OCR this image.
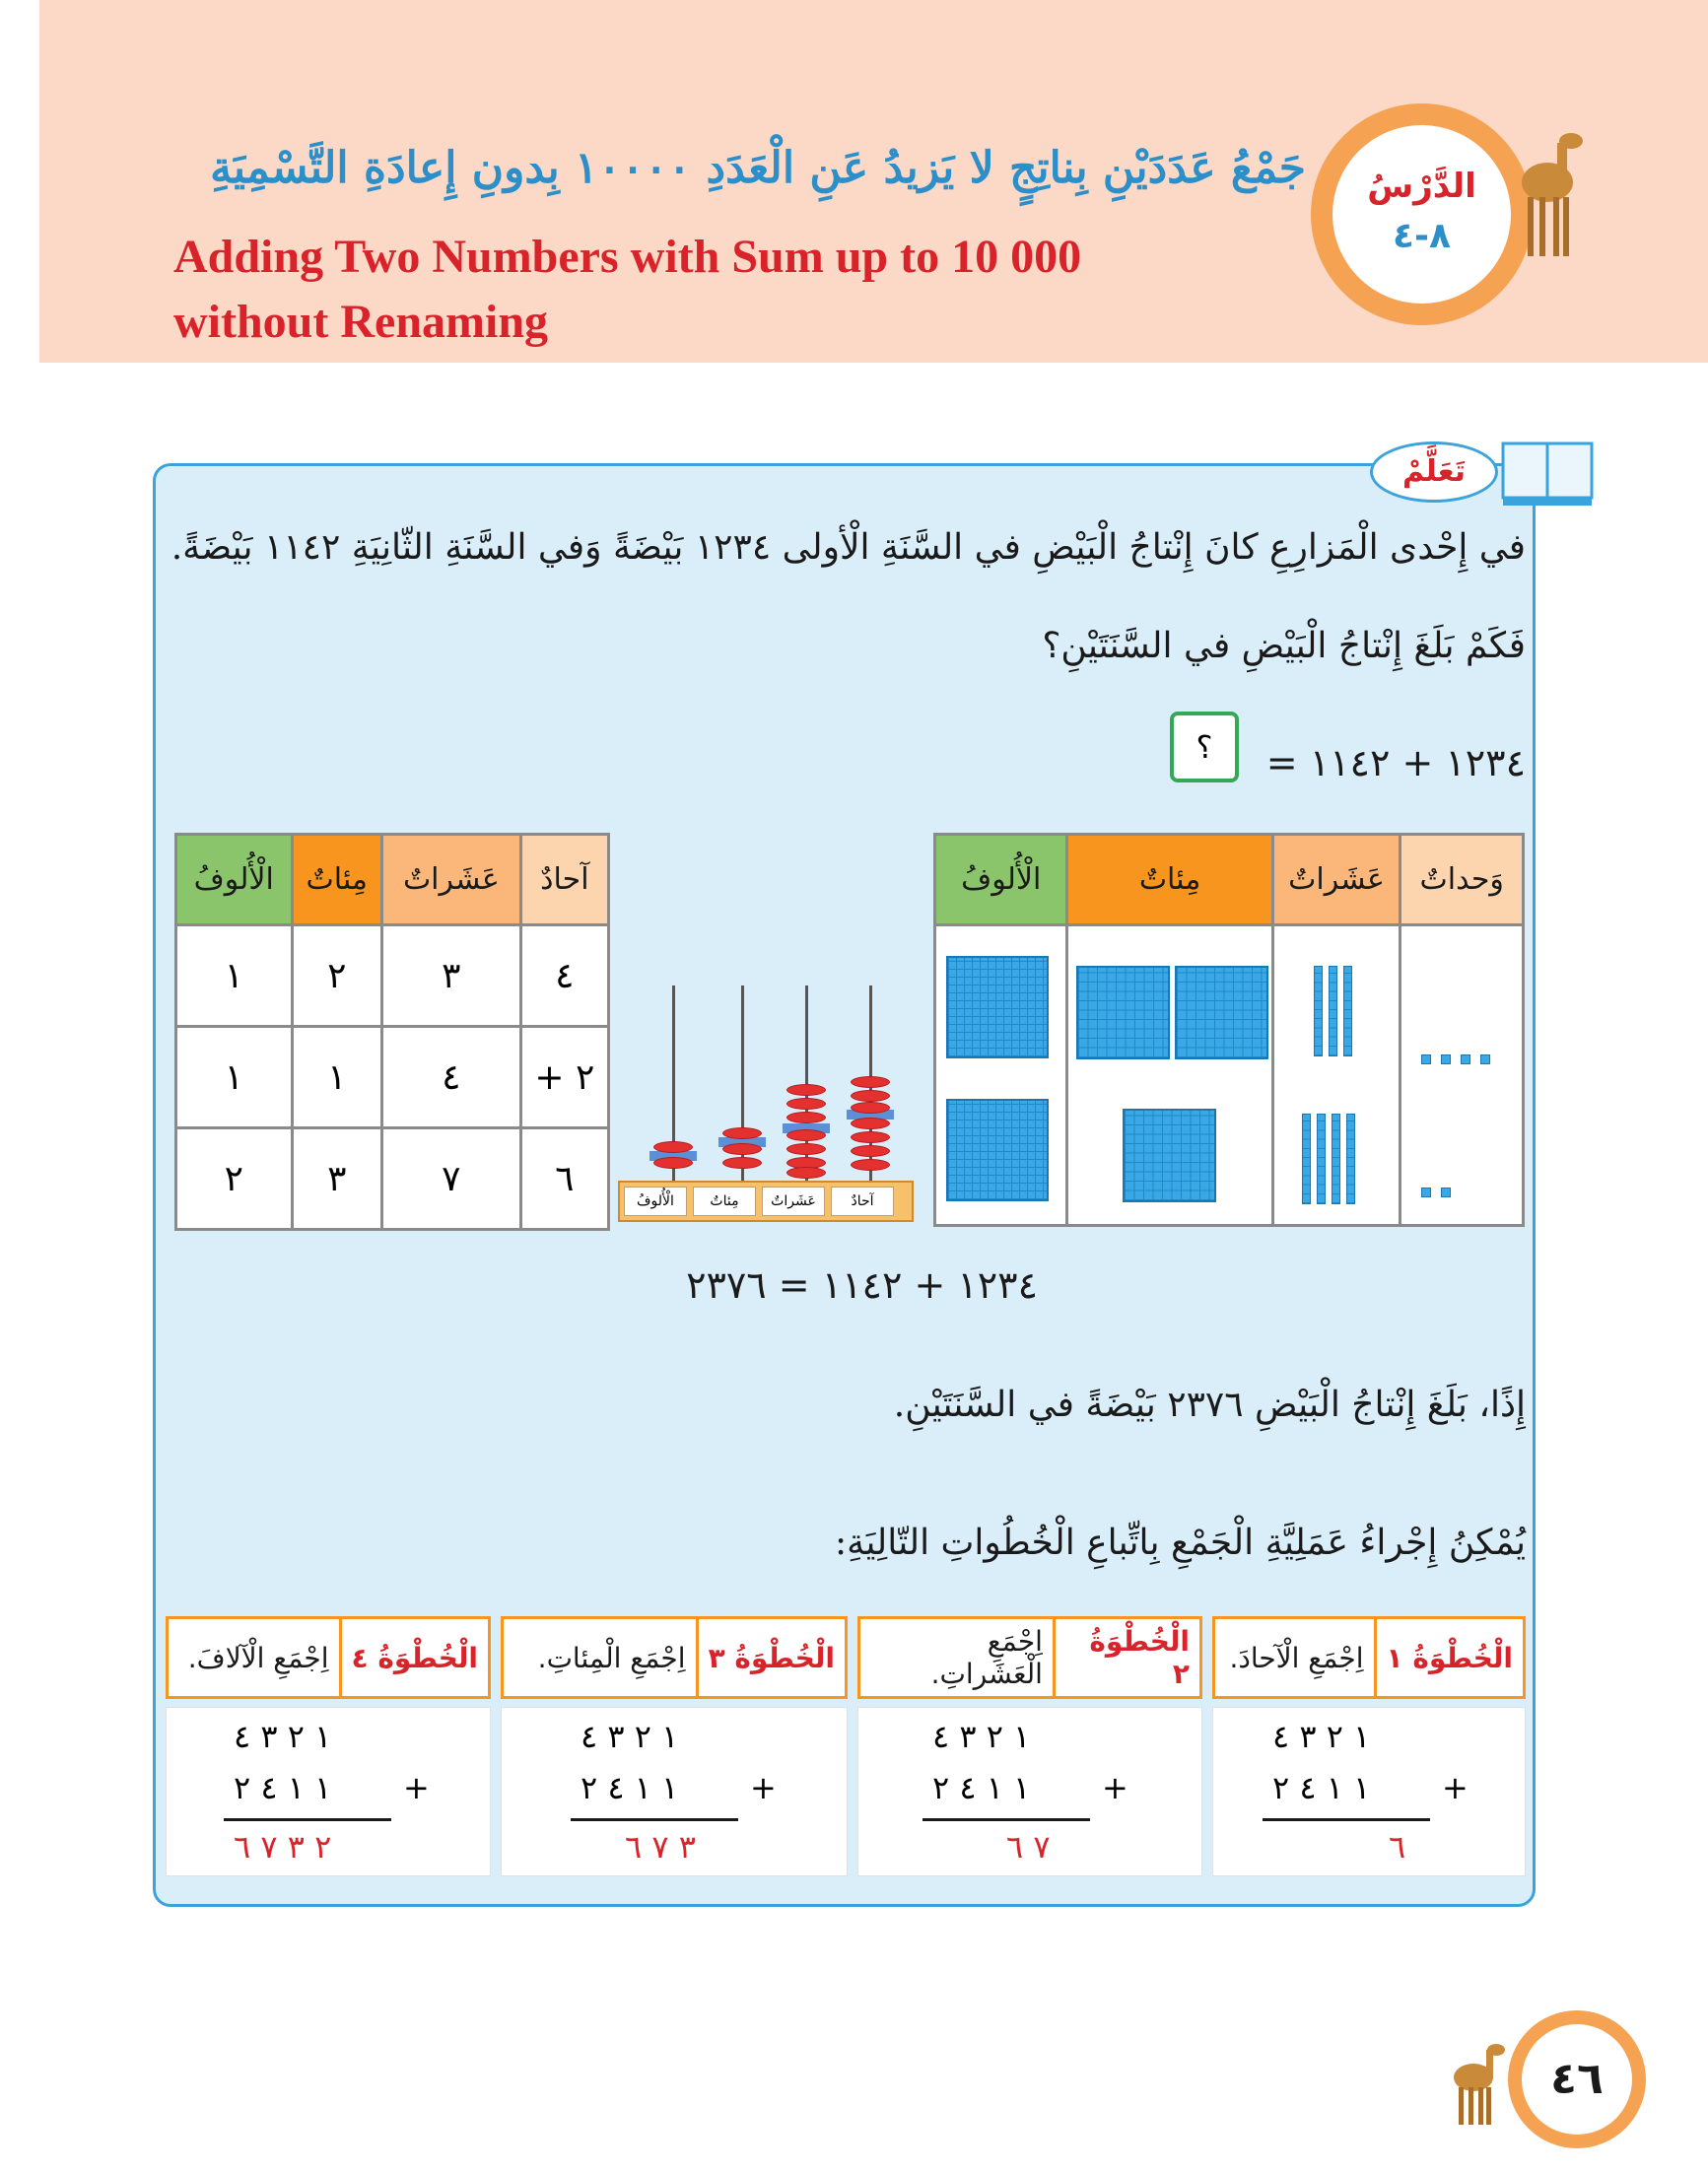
جَمْعُ عَدَدَيْنِ بِناتِجٍ لا يَزيدُ عَنِ الْعَدَدِ ١٠٠٠٠ بِدونِ إِعادَةِ التَّسْمِيَةِ
Adding Two Numbers with Sum up to 10 000
without Renaming
الدَّرْسُ
٨-٤
تَعَلَّمْ
في إِحْدى الْمَزارِعِ كانَ إِنْتاجُ الْبَيْضِ في السَّنَةِ الْأولى ١٢٣٤ بَيْضَةً وَفي السَّنَةِ الثّانِيَةِ ١١٤٢ بَيْضَةً.
فَكَمْ بَلَغَ إِنْتاجُ الْبَيْضِ في السَّنَتَيْنِ؟
١٢٣٤ + ١١٤٢ =
؟
الْأُلوفُ	مِئاتٌ	عَشَراتٌ	وَحداتٌ

الْأُلوفُ	مِئاتٌ	عَشَراتٌ	آحادٌ
الْأُلوفُ	مِئاتٌ	عَشَراتٌ	آحادٌ
١	٢	٣	٤
١	١	٤	٢ +
٢	٣	٧	٦
١٢٣٤ + ١١٤٢ = ٢٣٧٦
إِذًا، بَلَغَ إِنْتاجُ الْبَيْضِ ٢٣٧٦ بَيْضَةً في السَّنَتَيْنِ.
يُمْكِنُ إِجْراءُ عَمَلِيَّةِ الْجَمْعِ بِاتِّباعِ الْخُطُواتِ التّالِيَةِ:
الْخُطْوَةُ ١
اِجْمَعِ الْآحادَ.
الْخُطْوَةُ ٢
اِجْمَعِ الْعَشَراتِ.
الْخُطْوَةُ ٣
اِجْمَعِ الْمِئاتِ.
الْخُطْوَةُ ٤
اِجْمَعِ الْآلافَ.
١ ٢ ٣ ٤
١ ١ ٤ ٢ +
٦
١ ٢ ٣ ٤
١ ١ ٤ ٢ +
٧ ٦
١ ٢ ٣ ٤
١ ١ ٤ ٢ +
٣ ٧ ٦
١ ٢ ٣ ٤
١ ١ ٤ ٢ +
٢ ٣ ٧ ٦
٤٦
